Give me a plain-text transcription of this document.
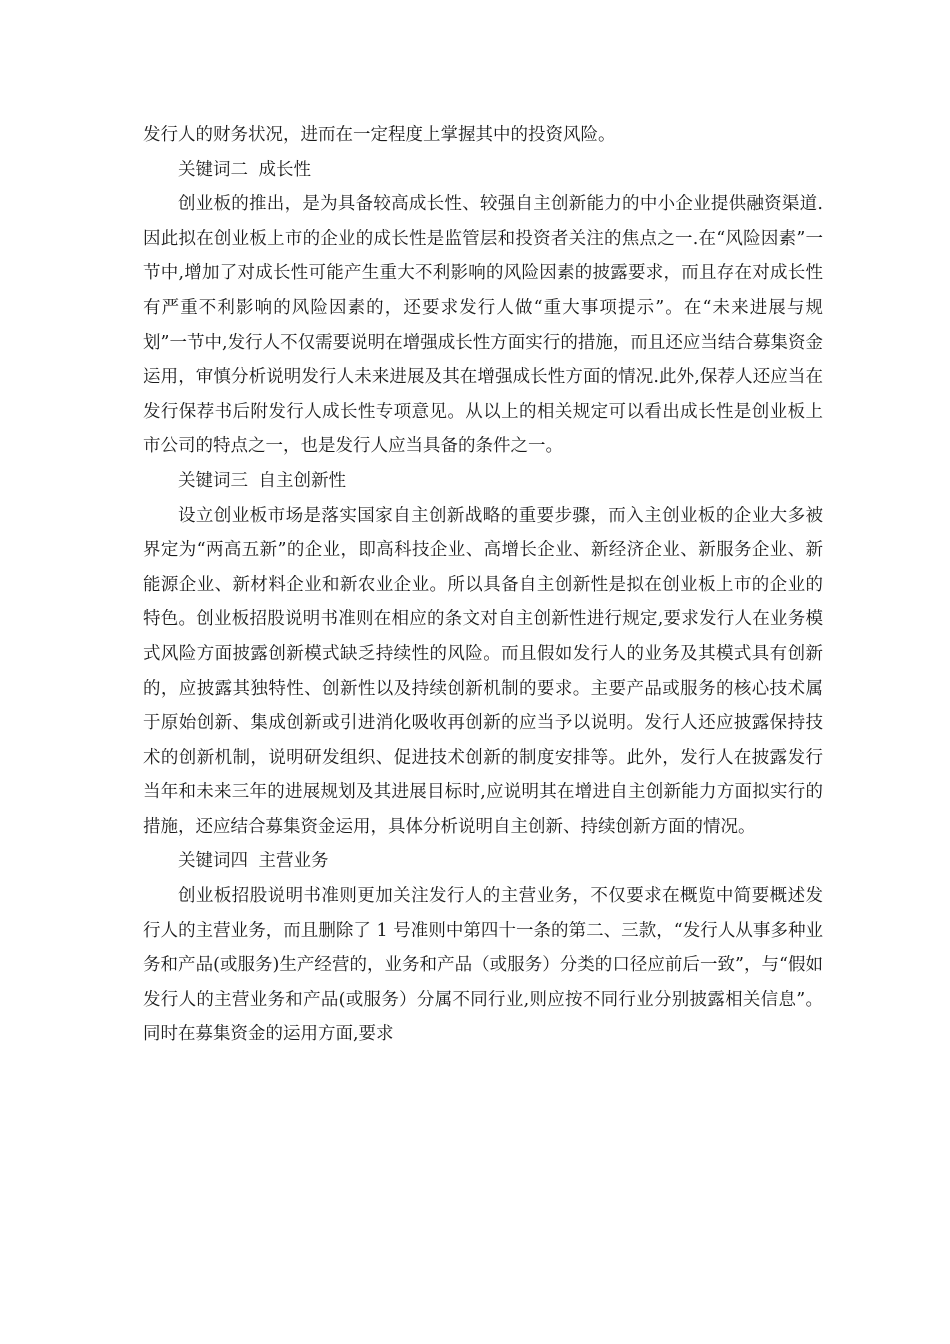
发行人的财务状况，进而在一定程度上掌握其中的投资风险。

关键词二 成长性

创业板的推出，是为具备较高成长性、较强自主创新能力的中小企业提供融资渠道.因此拟在创业板上市的企业的成长性是监管层和投资者关注的焦点之一.在“风险因素”一节中,增加了对成长性可能产生重大不利影响的风险因素的披露要求，而且存在对成长性有严重不利影响的风险因素的，还要求发行人做“重大事项提示”。在“未来进展与规划”一节中,发行人不仅需要说明在增强成长性方面实行的措施，而且还应当结合募集资金运用，审慎分析说明发行人未来进展及其在增强成长性方面的情况.此外,保荐人还应当在发行保荐书后附发行人成长性专项意见。从以上的相关规定可以看出成长性是创业板上市公司的特点之一，也是发行人应当具备的条件之一。

关键词三 自主创新性

设立创业板市场是落实国家自主创新战略的重要步骤，而入主创业板的企业大多被界定为“两高五新”的企业，即高科技企业、高增长企业、新经济企业、新服务企业、新能源企业、新材料企业和新农业企业。所以具备自主创新性是拟在创业板上市的企业的特色。创业板招股说明书准则在相应的条文对自主创新性进行规定,要求发行人在业务模式风险方面披露创新模式缺乏持续性的风险。而且假如发行人的业务及其模式具有创新的，应披露其独特性、创新性以及持续创新机制的要求。主要产品或服务的核心技术属于原始创新、集成创新或引进消化吸收再创新的应当予以说明。发行人还应披露保持技术的创新机制，说明研发组织、促进技术创新的制度安排等。此外，发行人在披露发行当年和未来三年的进展规划及其进展目标时,应说明其在增进自主创新能力方面拟实行的措施，还应结合募集资金运用，具体分析说明自主创新、持续创新方面的情况。

关键词四 主营业务

创业板招股说明书准则更加关注发行人的主营业务，不仅要求在概览中简要概述发行人的主营业务，而且删除了 1 号准则中第四十一条的第二、三款，“发行人从事多种业务和产品(或服务)生产经营的，业务和产品（或服务）分类的口径应前后一致”，与“假如发行人的主营业务和产品(或服务）分属不同行业,则应按不同行业分别披露相关信息”。同时在募集资金的运用方面,要求
